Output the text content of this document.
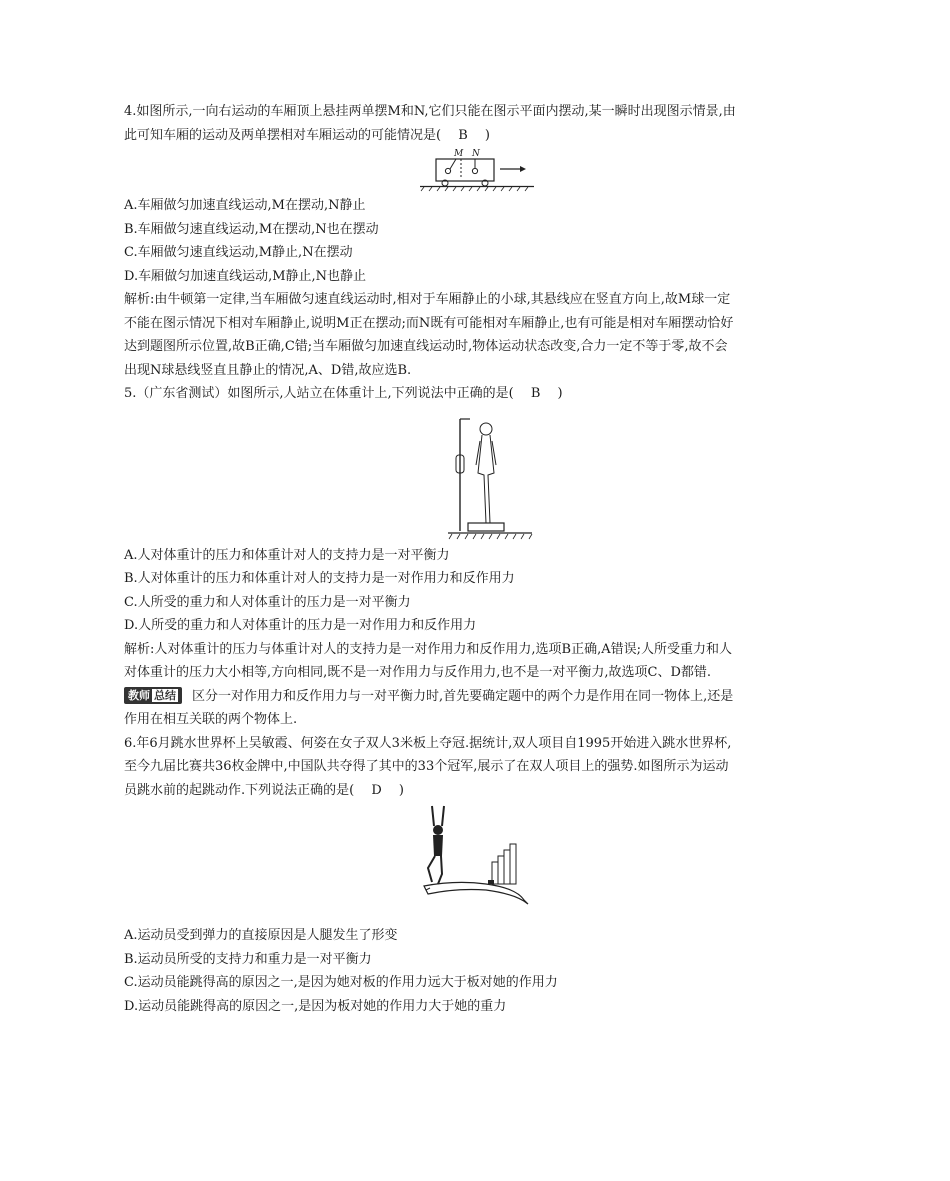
4.如图所示,一向右运动的车厢顶上悬挂两单摆M和N,它们只能在图示平面内摆动,某一瞬时出现图示情景,由
此可知车厢的运动及两单摆相对车厢运动的可能情况是(　 B　 )
M N
A.车厢做匀加速直线运动,M在摆动,N静止
B.车厢做匀速直线运动,M在摆动,N也在摆动
C.车厢做匀速直线运动,M静止,N在摆动
D.车厢做匀加速直线运动,M静止,N也静止
解析:由牛顿第一定律,当车厢做匀速直线运动时,相对于车厢静止的小球,其悬线应在竖直方向上,故M球一定
不能在图示情况下相对车厢静止,说明M正在摆动;而N既有可能相对车厢静止,也有可能是相对车厢摆动恰好
达到题图所示位置,故B正确,C错;当车厢做匀加速直线运动时,物体运动状态改变,合力一定不等于零,故不会
出现N球悬线竖直且静止的情况,A、D错,故应选B.
5.（广东省测试）如图所示,人站立在体重计上,下列说法中正确的是(　 B　 )
A.人对体重计的压力和体重计对人的支持力是一对平衡力
B.人对体重计的压力和体重计对人的支持力是一对作用力和反作用力
C.人所受的重力和人对体重计的压力是一对平衡力
D.人所受的重力和人对体重计的压力是一对作用力和反作用力
解析:人对体重计的压力与体重计对人的支持力是一对作用力和反作用力,选项B正确,A错误;人所受重力和人
对体重计的压力大小相等,方向相同,既不是一对作用力与反作用力,也不是一对平衡力,故选项C、D都错.
教师 总结 区分一对作用力和反作用力与一对平衡力时,首先要确定题中的两个力是作用在同一物体上,还是
作用在相互关联的两个物体上.
6.年6月跳水世界杯上吴敏霞、何姿在女子双人3米板上夺冠.据统计,双人项目自1995开始进入跳水世界杯,
至今九届比赛共36枚金牌中,中国队共夺得了其中的33个冠军,展示了在双人项目上的强势.如图所示为运动
员跳水前的起跳动作.下列说法正确的是(　 D　 )
A.运动员受到弹力的直接原因是人腿发生了形变
B.运动员所受的支持力和重力是一对平衡力
C.运动员能跳得高的原因之一,是因为她对板的作用力远大于板对她的作用力
D.运动员能跳得高的原因之一,是因为板对她的作用力大于她的重力
